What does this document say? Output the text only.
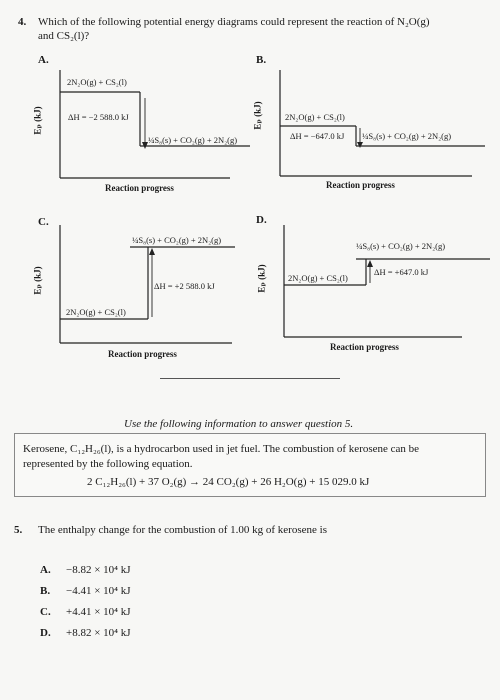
4. Which of the following potential energy diagrams could represent the reaction of N₂O(g)
and CS₂(l)?
A.
2N₂O(g) + CS₂(l)
ΔH = −2 588.0 kJ
¼S₈(s) + CO₂(g) + 2N₂(g)
Eₚ (kJ)
Reaction progress
B.
2N₂O(g) + CS₂(l)
ΔH = −647.0 kJ ¼S₈(s) + CO₂(g) + 2N₂(g)
Eₚ (kJ)
Reaction progress
C.
¼S₈(s) + CO₂(g) + 2N₂(g)
ΔH = +2 588.0 kJ
2N₂O(g) + CS₂(l)
Eₚ (kJ)
Reaction progress
D.
¼S₈(s) + CO₂(g) + 2N₂(g)
ΔH = +647.0 kJ
2N₂O(g) + CS₂(l)
Eₚ (kJ)
Reaction progress
Use the following information to answer question 5.
Kerosene, C₁₂H₂₆(l), is a hydrocarbon used in jet fuel. The combustion of kerosene can be
represented by the following equation.
2 C₁₂H₂₆(l) + 37 O₂(g) → 24 CO₂(g) + 26 H₂O(g) + 15 029.0 kJ
5. The enthalpy change for the combustion of 1.00 kg of kerosene is
A. −8.82 × 10⁴ kJ
B. −4.41 × 10⁴ kJ
C. +4.41 × 10⁴ kJ
D. +8.82 × 10⁴ kJ
